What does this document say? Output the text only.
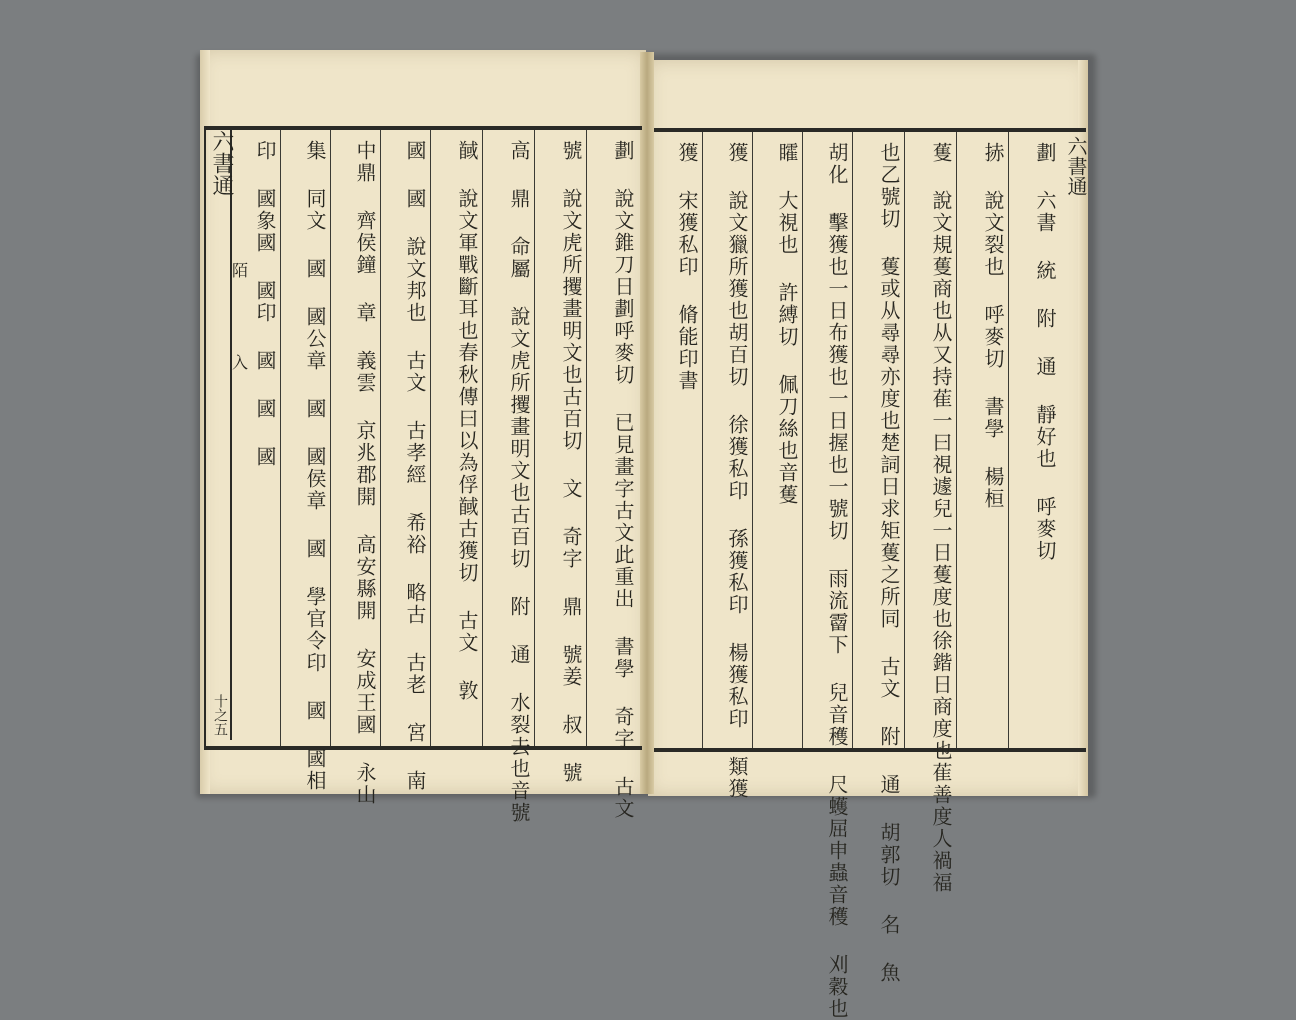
印 國象國 國印 國 國 國	集 同文 國 國公章 國 國侯章 國 學官令印 國 國相	中鼎 齊侯鐘 章 義雲 京兆郡開 高安縣開 安成王國 永山	國 國 說文邦也 古文 古孝經 希裕 略古 古老 宮 南	馘 說文軍戰斷耳也春秋傳曰以為俘馘古獲切 古文 敦	高 鼎 命屬 說文虎所攫畫明文也古百切 附 通 水裂去也音號	號 說文虎所攫畫明文也古百切 文 奇字 鼎 號姜 叔 號	劃 說文錐刀日劃呼麥切 已見畫字古文此重出 書學 奇字 古文
六書通
十之五
陌
入	獲 宋獲私印 脩能印書	獲 說文獵所獲也胡百切 徐獲私印 孫獲私印 楊獲私印 類獲	矐 大視也 許縛切 佩刀絲也音蒦	胡化 擊獲也一日布獲也一日握也一號切 雨流霤下 兒音穫 尺蠖屈申蟲音穫 刈穀也	也乙號切 蒦或从尋尋亦度也楚詞日求矩蒦之所同 古文 附 通 胡郭切 名 魚	蒦 說文規蒦商也从又持萑一曰視遽兒一日蒦度也徐鍇日商度也萑善度人禍福	捇 說文裂也 呼麥切 書學 楊桓	劃 六書 統 附 通 靜好也 呼麥切 六書通
